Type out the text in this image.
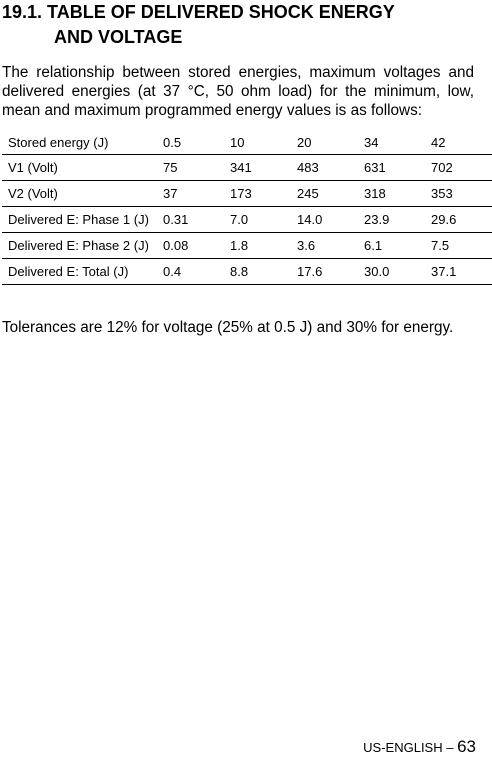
19.1. TABLE OF DELIVERED SHOCK ENERGY
AND VOLTAGE

The relationship between stored energies, maximum voltages and
delivered energies (at 37 °C, 50 ohm load) for the minimum, low,
mean and maximum programmed energy values is as follows:

Stored energy (J)	0.5	10	20	34	42
V1 (Volt)	75	341	483	631	702
V2 (Volt)	37	173	245	318	353
Delivered E: Phase 1 (J)	0.31	7.0	14.0	23.9	29.6
Delivered E: Phase 2 (J)	0.08	1.8	3.6	6.1	7.5
Delivered E: Total (J)	0.4	8.8	17.6	30.0	37.1

Tolerances are 12% for voltage (25% at 0.5 J) and 30% for energy.

US-ENGLISH – 63
